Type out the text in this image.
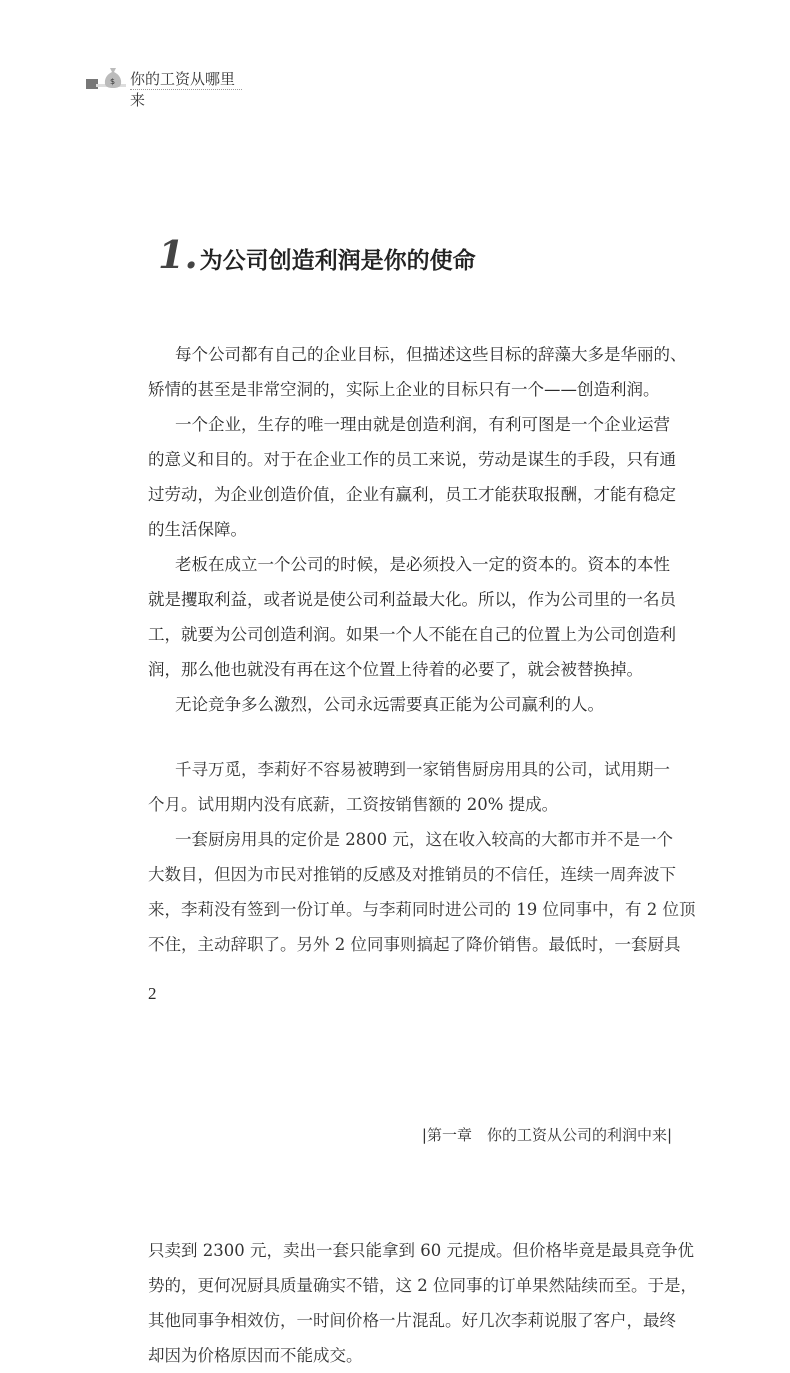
$ 你的工资从哪里来
1.为公司创造利润是你的使命
每个公司都有自己的企业目标，但描述这些目标的辞藻大多是华丽的、
矫情的甚至是非常空洞的，实际上企业的目标只有一个——创造利润。
一个企业，生存的唯一理由就是创造利润，有利可图是一个企业运营
的意义和目的。对于在企业工作的员工来说，劳动是谋生的手段，只有通
过劳动，为企业创造价值，企业有赢利，员工才能获取报酬，才能有稳定
的生活保障。
老板在成立一个公司的时候，是必须投入一定的资本的。资本的本性
就是攫取利益，或者说是使公司利益最大化。所以，作为公司里的一名员
工，就要为公司创造利润。如果一个人不能在自己的位置上为公司创造利
润，那么他也就没有再在这个位置上待着的必要了，就会被替换掉。
无论竞争多么激烈，公司永远需要真正能为公司赢利的人。
千寻万觅，李莉好不容易被聘到一家销售厨房用具的公司，试用期一
个月。试用期内没有底薪，工资按销售额的 20% 提成。
一套厨房用具的定价是 2800 元，这在收入较高的大都市并不是一个
大数目，但因为市民对推销的反感及对推销员的不信任，连续一周奔波下
来，李莉没有签到一份订单。与李莉同时进公司的 19 位同事中，有 2 位顶
不住，主动辞职了。另外 2 位同事则搞起了降价销售。最低时，一套厨具
2
|第一章　你的工资从公司的利润中来|
只卖到 2300 元，卖出一套只能拿到 60 元提成。但价格毕竟是最具竞争优
势的，更何况厨具质量确实不错，这 2 位同事的订单果然陆续而至。于是，
其他同事争相效仿，一时间价格一片混乱。好几次李莉说服了客户，最终
却因为价格原因而不能成交。
